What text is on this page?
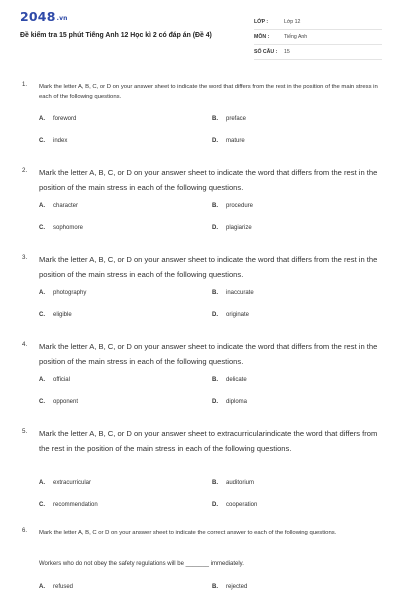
2048.vn
Đề kiểm tra 15 phút Tiếng Anh 12 Học kì 2 có đáp án (Đề 4)
LỚP :	Lớp 12
MÔN :	Tiếng Anh
SỐ CÂU :	15
1. Mark the letter A, B, C, or D on your answer sheet to indicate the word that differs from the rest in the position of the main stress in each of the following questions.
A. foreword	B. preface
C. index	D. mature
2. Mark the letter A, B, C, or D on your answer sheet to indicate the word that differs from the rest in the position of the main stress in each of the following questions.
A. character	B. procedure
C. sophomore	D. plagiarize
3. Mark the letter A, B, C, or D on your answer sheet to indicate the word that differs from the rest in the position of the main stress in each of the following questions.
A. photography	B. inaccurate
C. eligible	D. originate
4. Mark the letter A, B, C, or D on your answer sheet to indicate the word that differs from the rest in the position of the main stress in each of the following questions.
A. official	B. delicate
C. opponent	D. diploma
5. Mark the letter A, B, C, or D on your answer sheet to extracurricularindicate the word that differs from the rest in the position of the main stress in each of the following questions.
A. extracurricular	B. auditorium
C. recommendation	D. cooperation
6. Mark the letter A, B, C or D on your answer sheet to indicate the correct answer to each of the following questions.
Workers who do not obey the safety regulations will be _______ immediately.
A. refused	B. rejected
